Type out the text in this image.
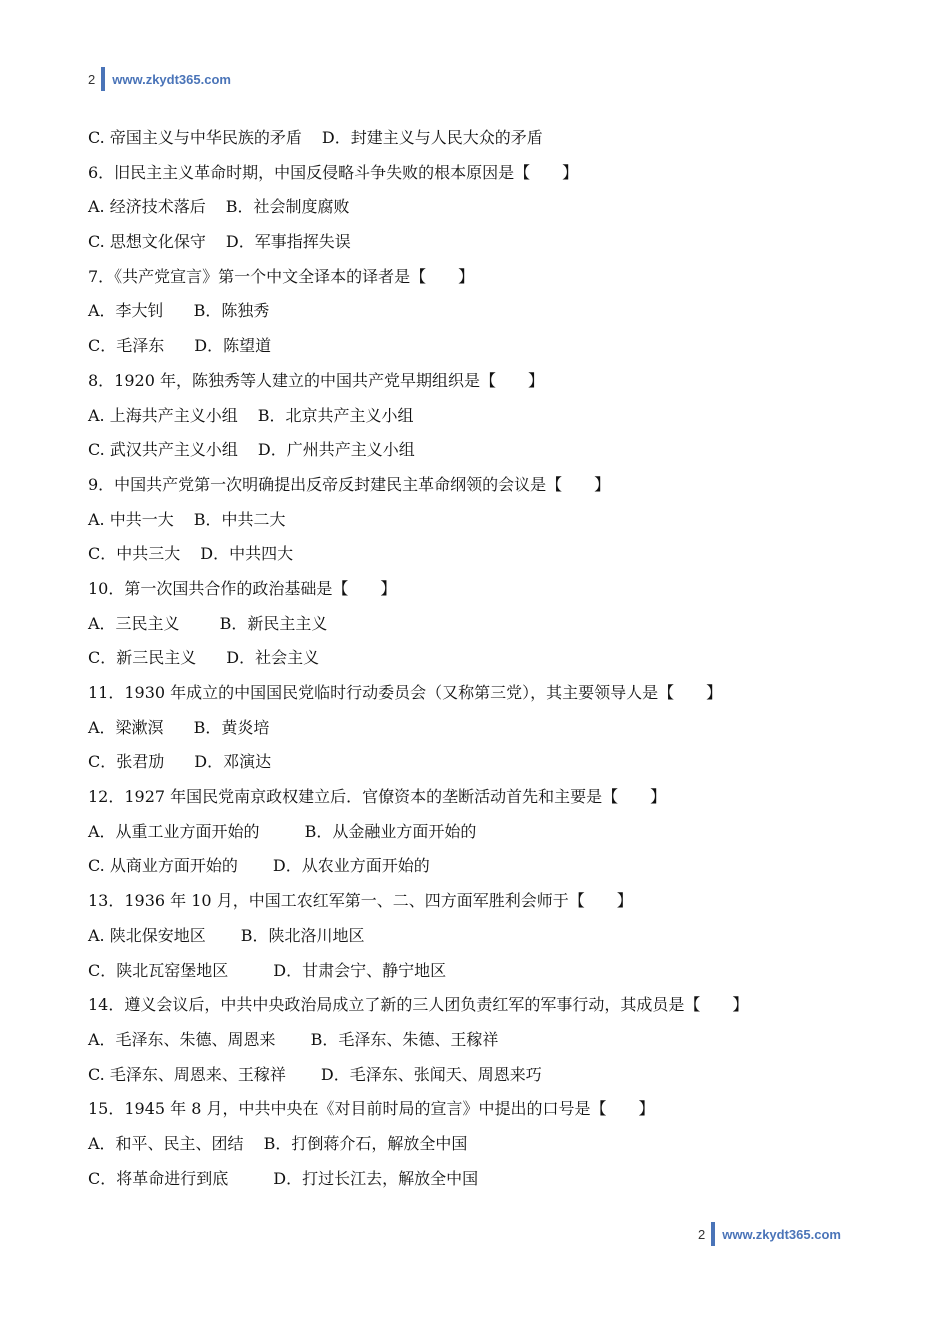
2 www.zkydt365.com
C. 帝国主义与中华民族的矛盾 D．封建主义与人民大众的矛盾
6．旧民主主义革命时期，中国反侵略斗争失败的根本原因是【　　】
A. 经济技术落后 B．社会制度腐败
C. 思想文化保守 D．军事指挥失误
7．《共产党宣言》第一个中文全译本的译者是【　　】
A．李大钊 B．陈独秀
C．毛泽东 D．陈望道
8．1920 年，陈独秀等人建立的中国共产党早期组织是【　　】
A. 上海共产主义小组 B．北京共产主义小组
C. 武汉共产主义小组 D．广州共产主义小组
9．中国共产党第一次明确提出反帝反封建民主革命纲领的会议是【　　】
A. 中共一大 B．中共二大
C．中共三大 D．中共四大
10．第一次国共合作的政治基础是【　　】
A．三民主义	B．新民主主义
C．新三民主义 D．社会主义
11．1930 年成立的中国国民党临时行动委员会（又称第三党），其主要领导人是【　　】
A．梁漱溟 B．黄炎培
C．张君劢 D．邓演达
12．1927 年国民党南京政权建立后．官僚资本的垄断活动首先和主要是【　　】
A．从重工业方面开始的	B．从金融业方面开始的
C. 从商业方面开始的 D．从农业方面开始的
13．1936 年 10 月，中国工农红军第一、二、四方面军胜利会师于【　　】
A. 陕北保安地区 B．陕北洛川地区
C．陕北瓦窑堡地区	D．甘肃会宁、静宁地区
14．遵义会议后，中共中央政治局成立了新的三人团负责红军的军事行动，其成员是【　　】
A．毛泽东、朱德、周恩来 B．毛泽东、朱德、王稼祥
C. 毛泽东、周恩来、王稼祥 D．毛泽东、张闻天、周恩来巧
15．1945 年 8 月，中共中央在《对目前时局的宣言》中提出的口号是【　　】
A．和平、民主、团结 B．打倒蒋介石，解放全中国
C．将革命进行到底	D．打过长江去，解放全中国
2 www.zkydt365.com
